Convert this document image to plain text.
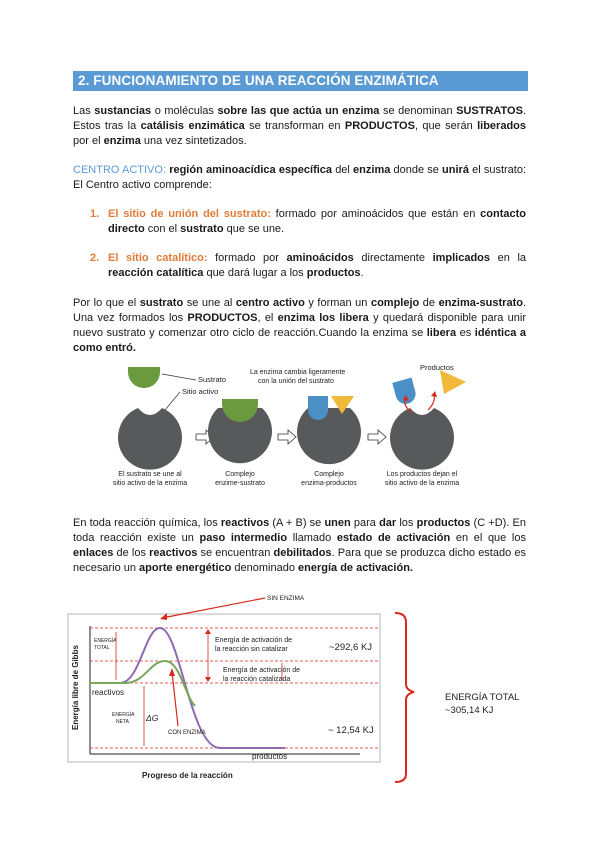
2. FUNCIONAMIENTO DE UNA REACCIÓN ENZIMÁTICA
Las sustancias o moléculas sobre las que actúa un enzima se denominan SUSTRATOS. Estos tras la catálisis enzimática se transforman en PRODUCTOS, que serán liberados por el enzima una vez sintetizados.
CENTRO ACTIVO: región aminoacídica específica del enzima donde se unirá el sustrato: El Centro activo comprende:
1. El sitio de unión del sustrato: formado por aminoácidos que están en contacto directo con el sustrato que se une.
2. El sitio catalítico: formado por aminoácidos directamente implicados en la reacción catalítica que dará lugar a los productos.
Por lo que el sustrato se une al centro activo y forman un complejo de enzima-sustrato. Una vez formados los PRODUCTOS, el enzima los libera y quedará disponible para unir nuevo sustrato y comenzar otro ciclo de reacción.Cuando la enzima se libera es idéntica a como entró.
Sustrato
Sitio activo
La enzima cambia ligeramente
con la unión del sustrato
Productos
El sustrato se une al
sitio activo de la enzima
Complejo
enzime-sustrato
Complejo
enzima-productos
Los productos dejan el
sitio activo de la enzima
En toda reacción química, los reactivos (A + B) se unen para dar los productos (C +D). En toda reacción existe un paso intermedio llamado estado de activación en el que los enlaces de los reactivos se encuentran debilitados. Para que se produzca dicho estado es necesario un aporte energético denominado energía de activación.
SIN ENZIMA
Energía libre de Gibbs
Progreso de la reacción
ENERGÍA
TOTAL
reactivos
productos
ENERGÍA
NETA ΔG
CON ENZIMA
Energía de activación de
la reacción sin catalizar
Energía de activación de
la reacción catalizada
~292,6 KJ
~ 12,54 KJ
ENERGÍA TOTAL
~305,14 KJ
